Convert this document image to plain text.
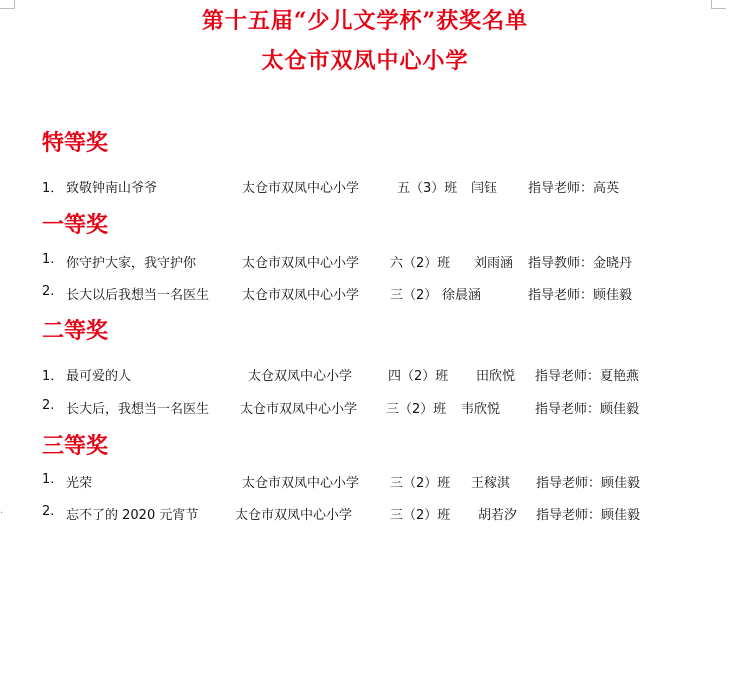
第十五届“少儿文学杯”获奖名单
太仓市双凤中心小学
特等奖
1． 致敬钟南山爷爷	太仓市双凤中心小学	五（3）班 闫钰 指导老师：高英
一等奖
1. 你守护大家，我守护你	太仓市双凤中心小学 六（2）班 刘雨涵 指导教师：金晓丹
2. 长大以后我想当一名医生	太仓市双凤中心小学 三（2） 徐晨涵	指导老师：顾佳毅
二等奖
1． 最可爱的人	太仓双凤中心小学	四（2）班 田欣悦 指导老师：夏艳燕
2. 长大后，我想当一名医生 太仓市双凤中心小学 三（2）班 韦欣悦	指导老师：顾佳毅
三等奖
1. 光荣	太仓市双凤中心小学 三（2）班 王稼淇 指导老师：顾佳毅
2. 忘不了的 2020 元宵节	太仓市双凤中心小学	三（2）班 胡若汐 指导老师：顾佳毅
·
